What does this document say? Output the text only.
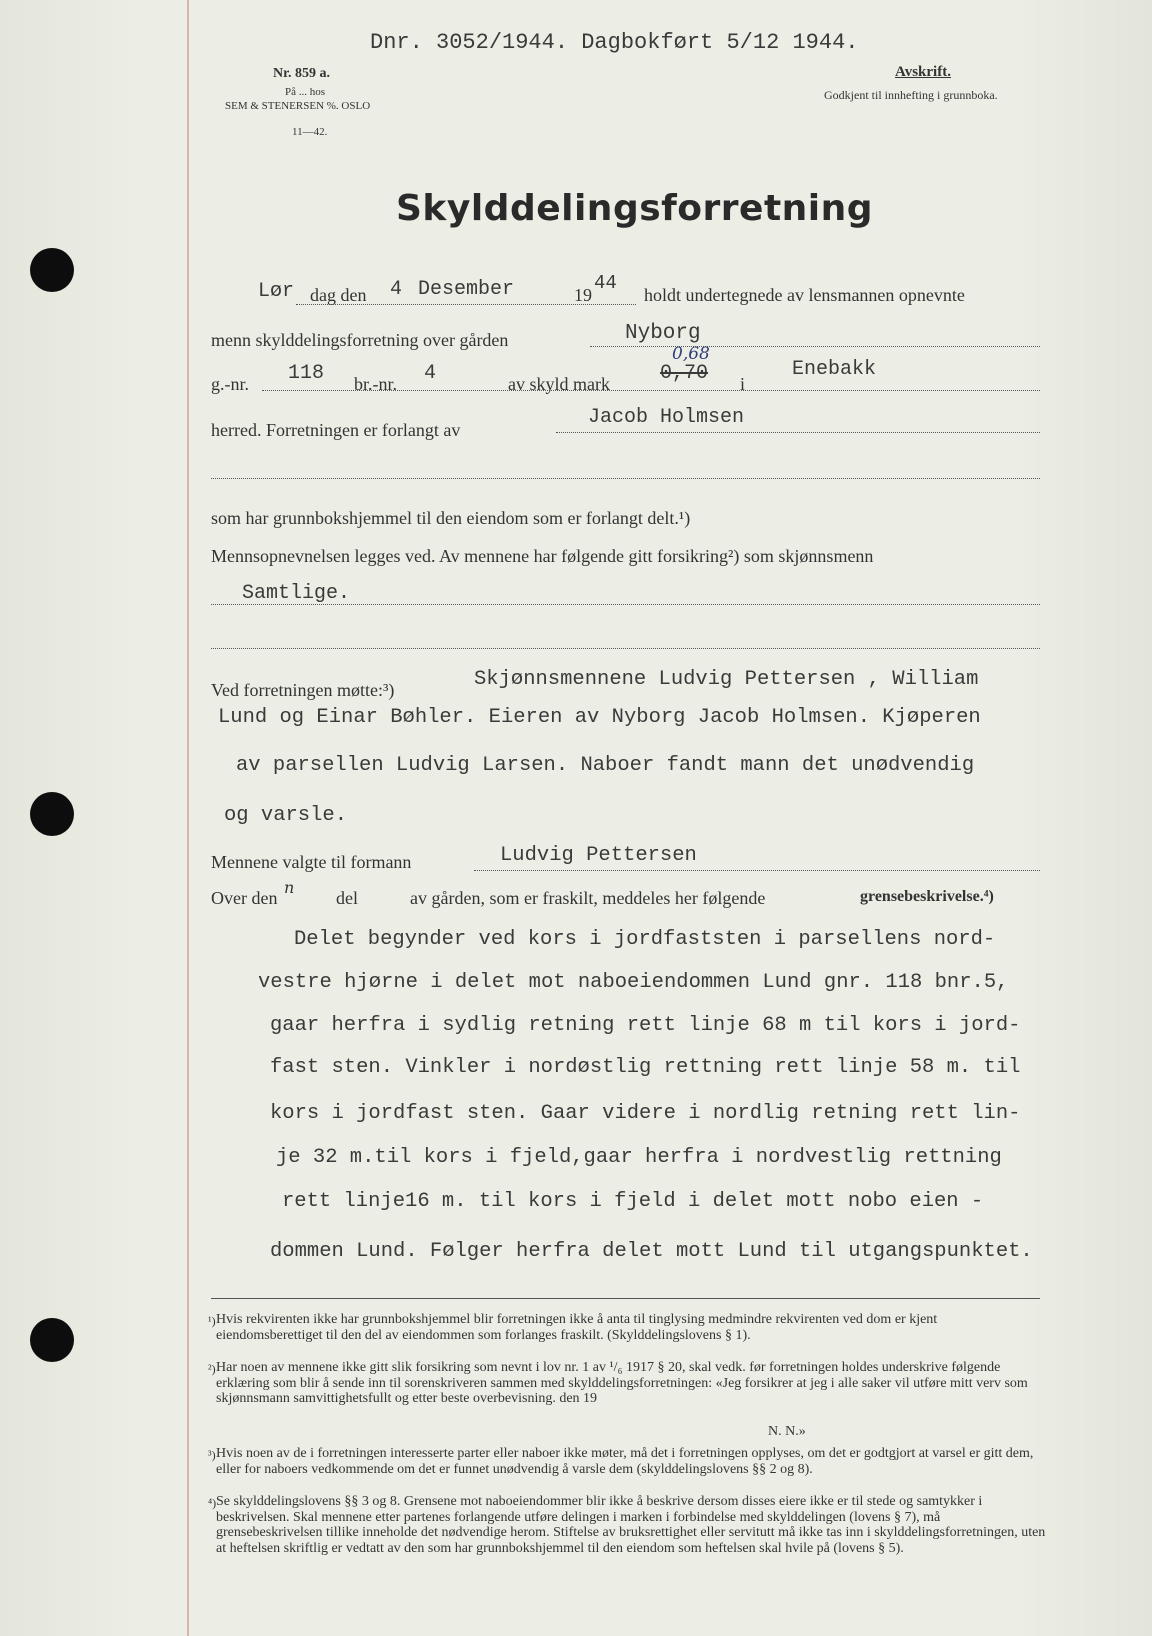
Dnr. 3052/1944. Dagbokført 5/12 1944.
Nr. 859 a.
På ... hos
SEM & STENERSEN %. OSLO
11—42.
Avskrift.
Godkjent til innhefting i grunnboka.
Skylddelingsforretning
Lør dag den 4 Desember	19
44
holdt undertegnede av lensmannen opnevnte
menn skylddelingsforretning over gården	Nyborg
g.-nr. 118 br.-nr. 4	av skyld mark	0,70
0,68
i
Enebakk
herred. Forretningen er forlangt av
Jacob Holmsen
som har grunnbokshjemmel til den eiendom som er forlangt delt.¹)
Mennsopnevnelsen legges ved. Av mennene har følgende gitt forsikring²) som skjønnsmenn
Samtlige.
Ved forretningen møtte:³)	Skjønnsmennene Ludvig Pettersen , William
Lund og Einar Bøhler. Eieren av Nyborg Jacob Holmsen. Kjøperen
av parsellen Ludvig Larsen. Naboer fandt mann det unødvendig
og varsle.
Mennene valgte til formann	Ludvig Pettersen
Over den
n
del	av gården, som er fraskilt, meddeles her følgende	grensebeskrivelse.⁴)
Delet begynder ved kors i jordfaststen i parsellens nord-
vestre hjørne i delet mot naboeiendommen Lund gnr. 118 bnr.5,
gaar herfra i sydlig retning rett linje 68 m til kors i jord-
fast sten. Vinkler i nordøstlig rettning rett linje 58 m. til
kors i jordfast sten. Gaar videre i nordlig retning rett lin-
je 32 m.til kors i fjeld,gaar herfra i nordvestlig rettning
rett linje16 m. til kors i fjeld i delet mott nobo eien -
dommen Lund. Følger herfra delet mott Lund til utgangspunktet.
¹) Hvis rekvirenten ikke har grunnbokshjemmel blir forretningen ikke å anta til tinglysing medmindre rekvirenten ved dom er kjent eiendomsberettiget til den del av eiendommen som forlanges fraskilt. (Skylddelingslovens § 1).
²) Har noen av mennene ikke gitt slik forsikring som nevnt i lov nr. 1 av ¹/₆ 1917 § 20, skal vedk. før forretningen holdes underskrive følgende erklæring som blir å sende inn til sorenskriveren sammen med skylddelingsforretningen: «Jeg forsikrer at jeg i alle saker vil utføre mitt verv som skjønnsmann samvittighetsfullt og etter beste overbevisning. den 19
N. N.»
³) Hvis noen av de i forretningen interesserte parter eller naboer ikke møter, må det i forretningen opplyses, om det er godtgjort at varsel er gitt dem, eller for naboers vedkommende om det er funnet unødvendig å varsle dem (skylddelingslovens §§ 2 og 8).
⁴) Se skylddelingslovens §§ 3 og 8. Grensene mot naboeiendommer blir ikke å beskrive dersom disses eiere ikke er til stede og samtykker i beskrivelsen. Skal mennene etter partenes forlangende utføre delingen i marken i forbindelse med skylddelingen (lovens § 7), må grensebeskrivelsen tillike inneholde det nødvendige herom. Stiftelse av bruksrettighet eller servitutt må ikke tas inn i skylddelingsforretningen, uten at heftelsen skriftlig er vedtatt av den som har grunnbokshjemmel til den eiendom som heftelsen skal hvile på (lovens § 5).
